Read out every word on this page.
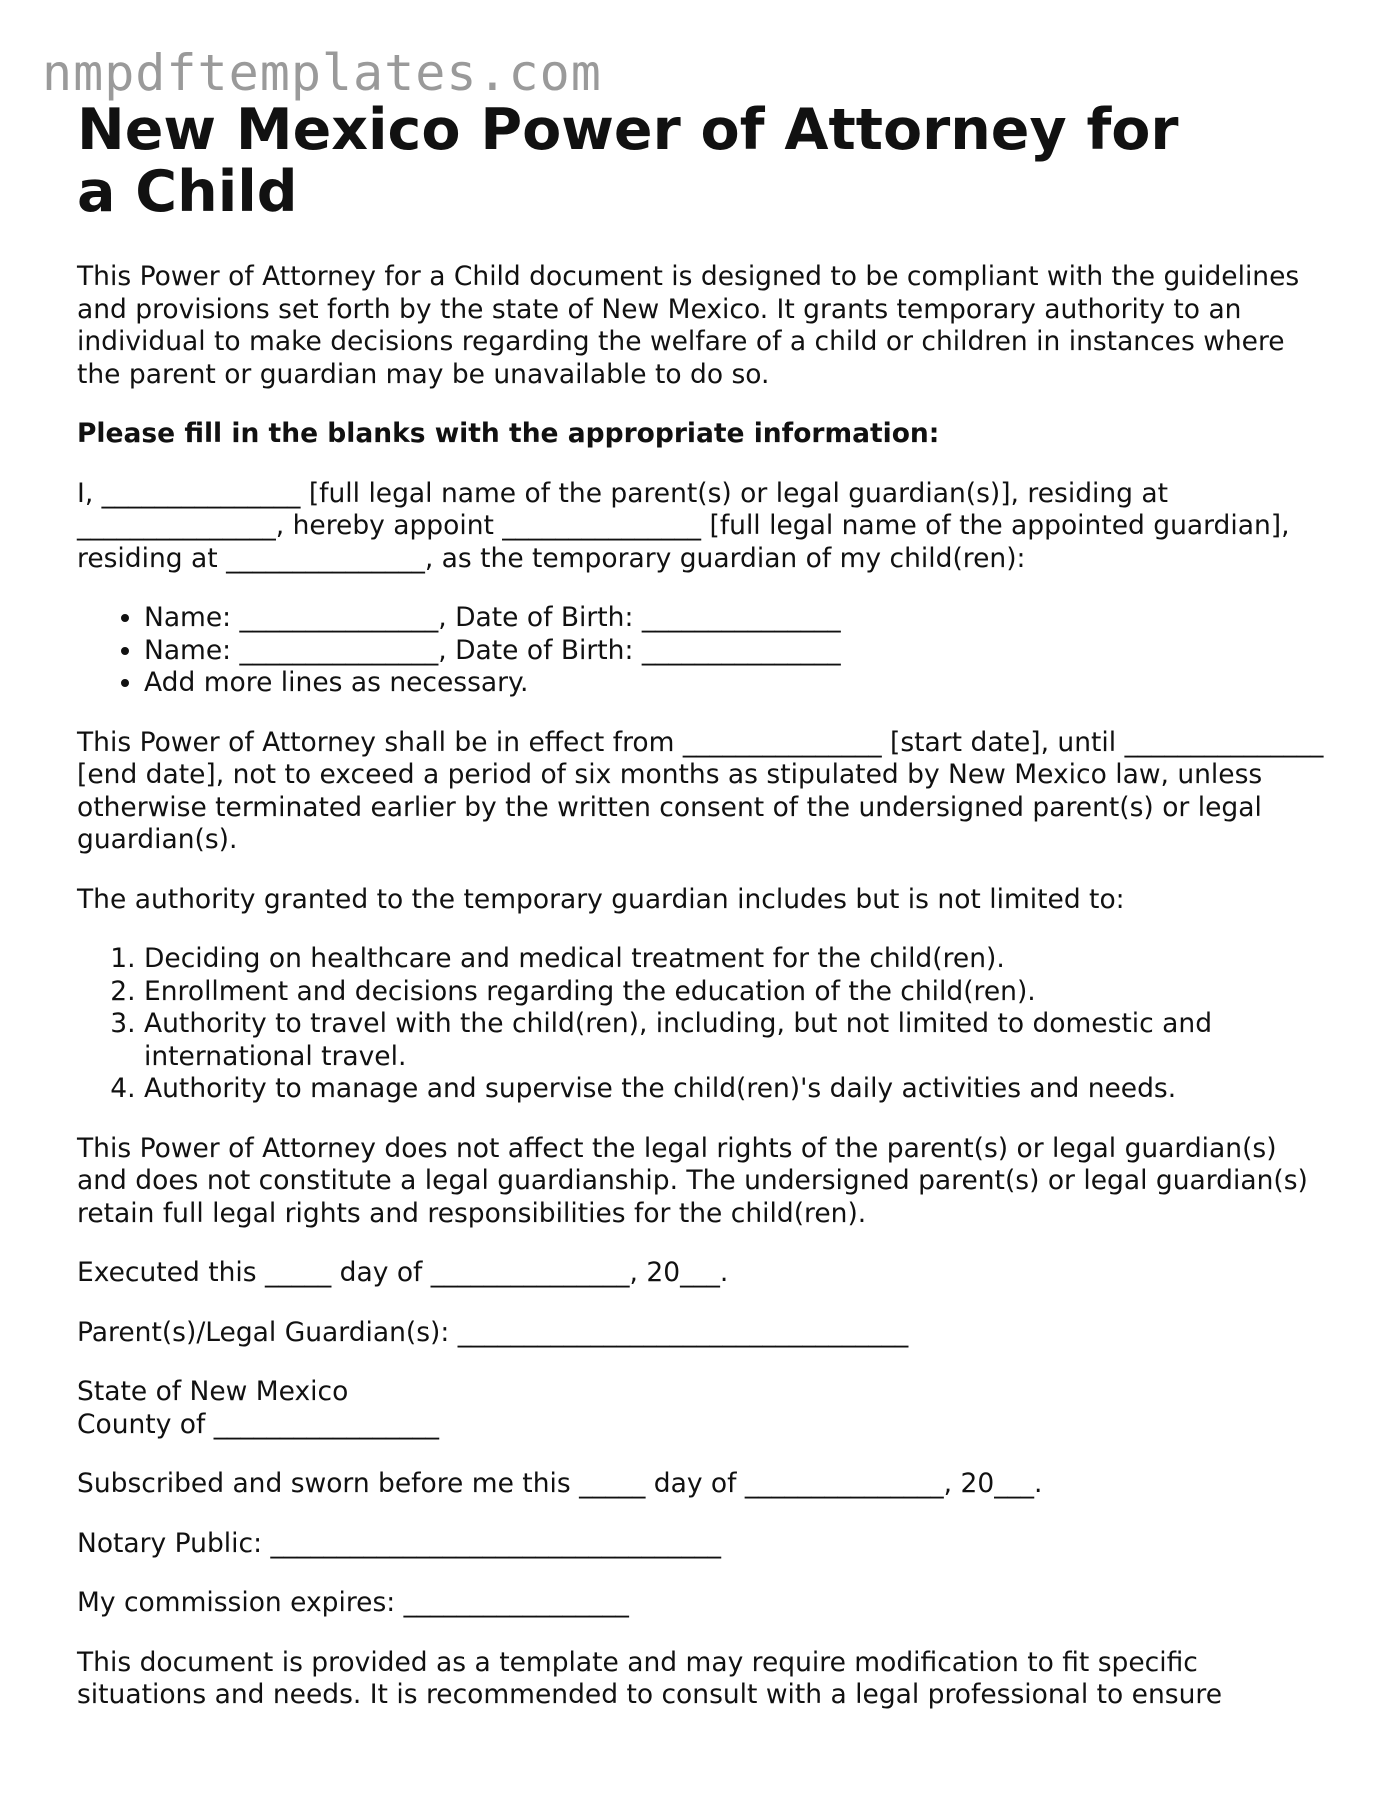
nmpdftemplates.com
New Mexico Power of Attorney for a Child

This Power of Attorney for a Child document is designed to be compliant with the guidelines and provisions set forth by the state of New Mexico. It grants temporary authority to an individual to make decisions regarding the welfare of a child or children in instances where the parent or guardian may be unavailable to do so.

Please fill in the blanks with the appropriate information:

I, _______________ [full legal name of the parent(s) or legal guardian(s)], residing at _______________, hereby appoint _______________ [full legal name of the appointed guardian], residing at _______________, as the temporary guardian of my child(ren):

• Name: _______________, Date of Birth: _______________
• Name: _______________, Date of Birth: _______________
• Add more lines as necessary.

This Power of Attorney shall be in effect from _______________ [start date], until _______________ [end date], not to exceed a period of six months as stipulated by New Mexico law, unless otherwise terminated earlier by the written consent of the undersigned parent(s) or legal guardian(s).

The authority granted to the temporary guardian includes but is not limited to:

1. Deciding on healthcare and medical treatment for the child(ren).
2. Enrollment and decisions regarding the education of the child(ren).
3. Authority to travel with the child(ren), including, but not limited to domestic and international travel.
4. Authority to manage and supervise the child(ren)'s daily activities and needs.

This Power of Attorney does not affect the legal rights of the parent(s) or legal guardian(s) and does not constitute a legal guardianship. The undersigned parent(s) or legal guardian(s) retain full legal rights and responsibilities for the child(ren).

Executed this _____ day of _______________, 20___.

Parent(s)/Legal Guardian(s): __________________________________

State of New Mexico
County of _________________

Subscribed and sworn before me this _____ day of _______________, 20___.

Notary Public: __________________________________

My commission expires: _________________

This document is provided as a template and may require modification to fit specific situations and needs. It is recommended to consult with a legal professional to ensure
